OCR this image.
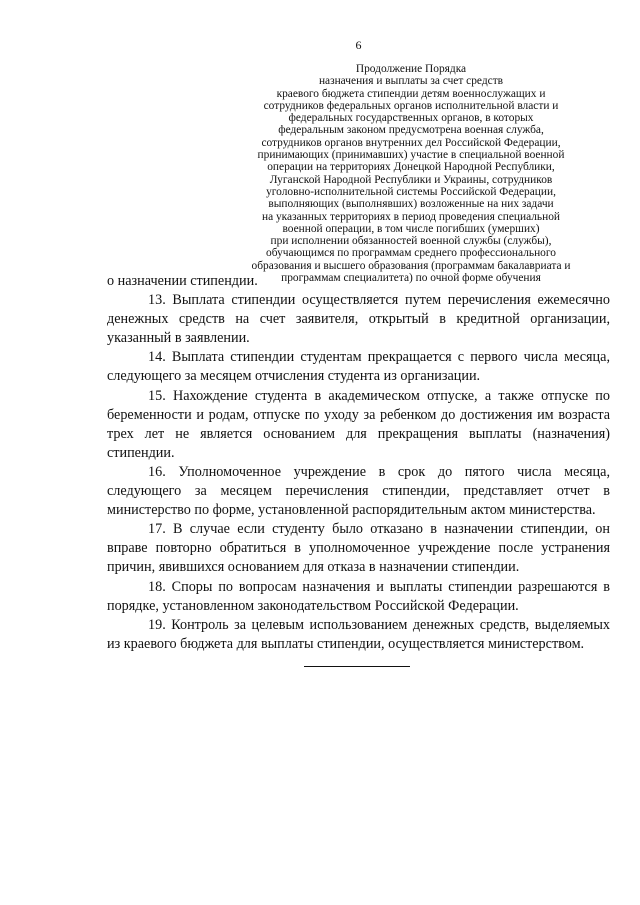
6
Продолжение Порядка
назначения и выплаты за счет средств
краевого бюджета стипендии детям военнослужащих и
сотрудников федеральных органов исполнительной власти и
федеральных государственных органов, в которых
федеральным законом предусмотрена военная служба,
сотрудников органов внутренних дел Российской Федерации,
принимающих (принимавших) участие в специальной военной
операции на территориях Донецкой Народной Республики,
Луганской Народной Республики и Украины, сотрудников
уголовно-исполнительной системы Российской Федерации,
выполняющих (выполнявших) возложенные на них задачи
на указанных территориях в период проведения специальной
военной операции, в том числе погибших (умерших)
при исполнении обязанностей военной службы (службы),
обучающимся по программам среднего профессионального
образования и высшего образования (программам бакалавриата и
программам специалитета) по очной форме обучения

о назначении стипендии.

13. Выплата стипендии осуществляется путем перечисления ежемесячно денежных средств на счет заявителя, открытый в кредитной организации, указанный в заявлении.

14. Выплата стипендии студентам прекращается с первого числа месяца, следующего за месяцем отчисления студента из организации.

15. Нахождение студента в академическом отпуске, а также отпуске по беременности и родам, отпуске по уходу за ребенком до достижения им возраста трех лет не является основанием для прекращения выплаты (назначения) стипендии.

16. Уполномоченное учреждение в срок до пятого числа месяца, следующего за месяцем перечисления стипендии, представляет отчет в министерство по форме, установленной распорядительным актом министерства.

17. В случае если студенту было отказано в назначении стипендии, он вправе повторно обратиться в уполномоченное учреждение после устранения причин, явившихся основанием для отказа в назначении стипендии.

18. Споры по вопросам назначения и выплаты стипендии разрешаются в порядке, установленном законодательством Российской Федерации.

19. Контроль за целевым использованием денежных средств, выделяемых из краевого бюджета для выплаты стипендии, осуществляется министерством.
